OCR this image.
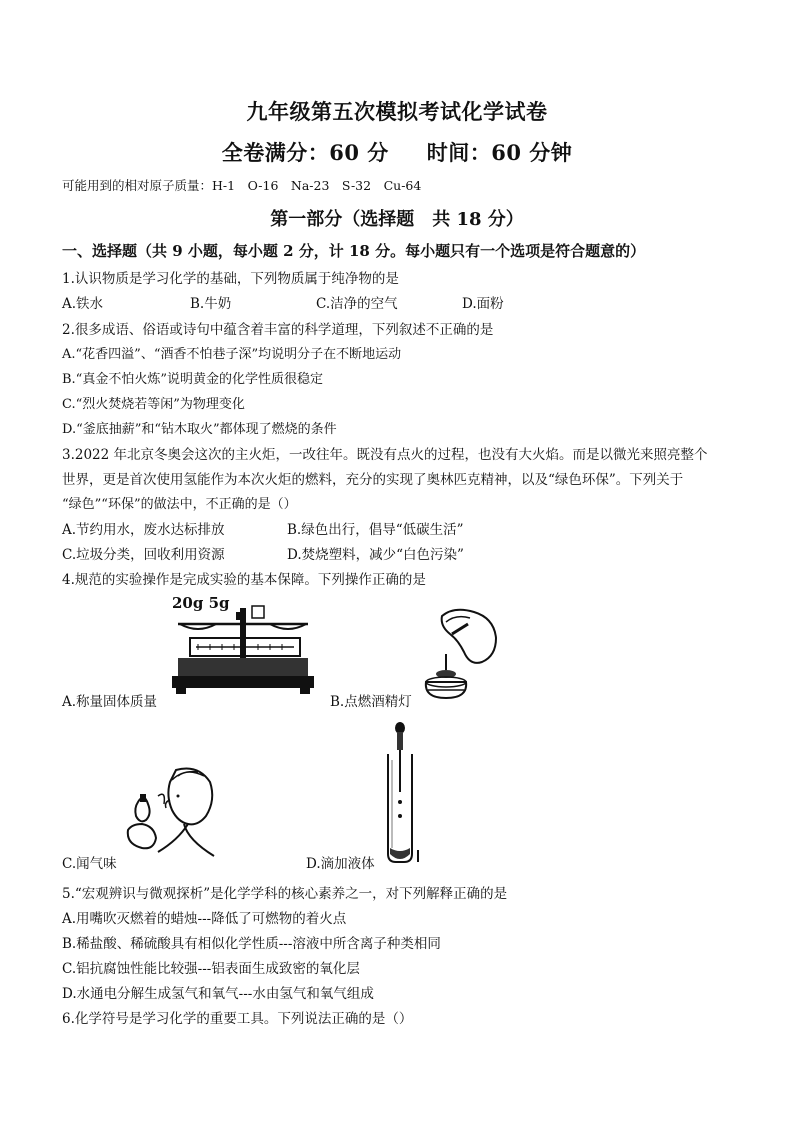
九年级第五次模拟考试化学试卷
全卷满分：60 分 时间：60 分钟
可能用到的相对原子质量：H-1　O-16　Na-23　S-32　Cu-64
第一部分（选择题　共 18 分）
一、选择题（共 9 小题，每小题 2 分，计 18 分。每小题只有一个选项是符合题意的）
1.认识物质是学习化学的基础，下列物质属于纯净物的是
A.铁水	B.牛奶	C.洁净的空气	D.面粉
2.很多成语、俗语或诗句中蕴含着丰富的科学道理，下列叙述不正确的是
A.“花香四溢”、“酒香不怕巷子深”均说明分子在不断地运动
B.“真金不怕火炼”说明黄金的化学性质很稳定
C.“烈火焚烧若等闲”为物理变化
D.“釜底抽薪”和“钻木取火”都体现了燃烧的条件
3.2022 年北京冬奥会这次的主火炬，一改往年。既没有点火的过程，也没有大火焰。而是以微光来照亮整个
世界，更是首次使用氢能作为本次火炬的燃料，充分的实现了奥林匹克精神，以及“绿色环保”。下列关于
“绿色”“环保”的做法中，不正确的是（）
A.节约用水，废水达标排放	B.绿色出行，倡导“低碳生活”
C.垃圾分类，回收利用资源	D.焚烧塑料，减少“白色污染”
4.规范的实验操作是完成实验的基本保障。下列操作正确的是
20g 5g
A.称量固体质量	B.点燃酒精灯
C.闻气味	D.滴加液体
5.“宏观辨识与微观探析”是化学学科的核心素养之一，对下列解释正确的是
A.用嘴吹灭燃着的蜡烛---降低了可燃物的着火点
B.稀盐酸、稀硫酸具有相似化学性质---溶液中所含离子种类相同
C.铝抗腐蚀性能比较强---铝表面生成致密的氧化层
D.水通电分解生成氢气和氧气---水由氢气和氧气组成
6.化学符号是学习化学的重要工具。下列说法正确的是（）
